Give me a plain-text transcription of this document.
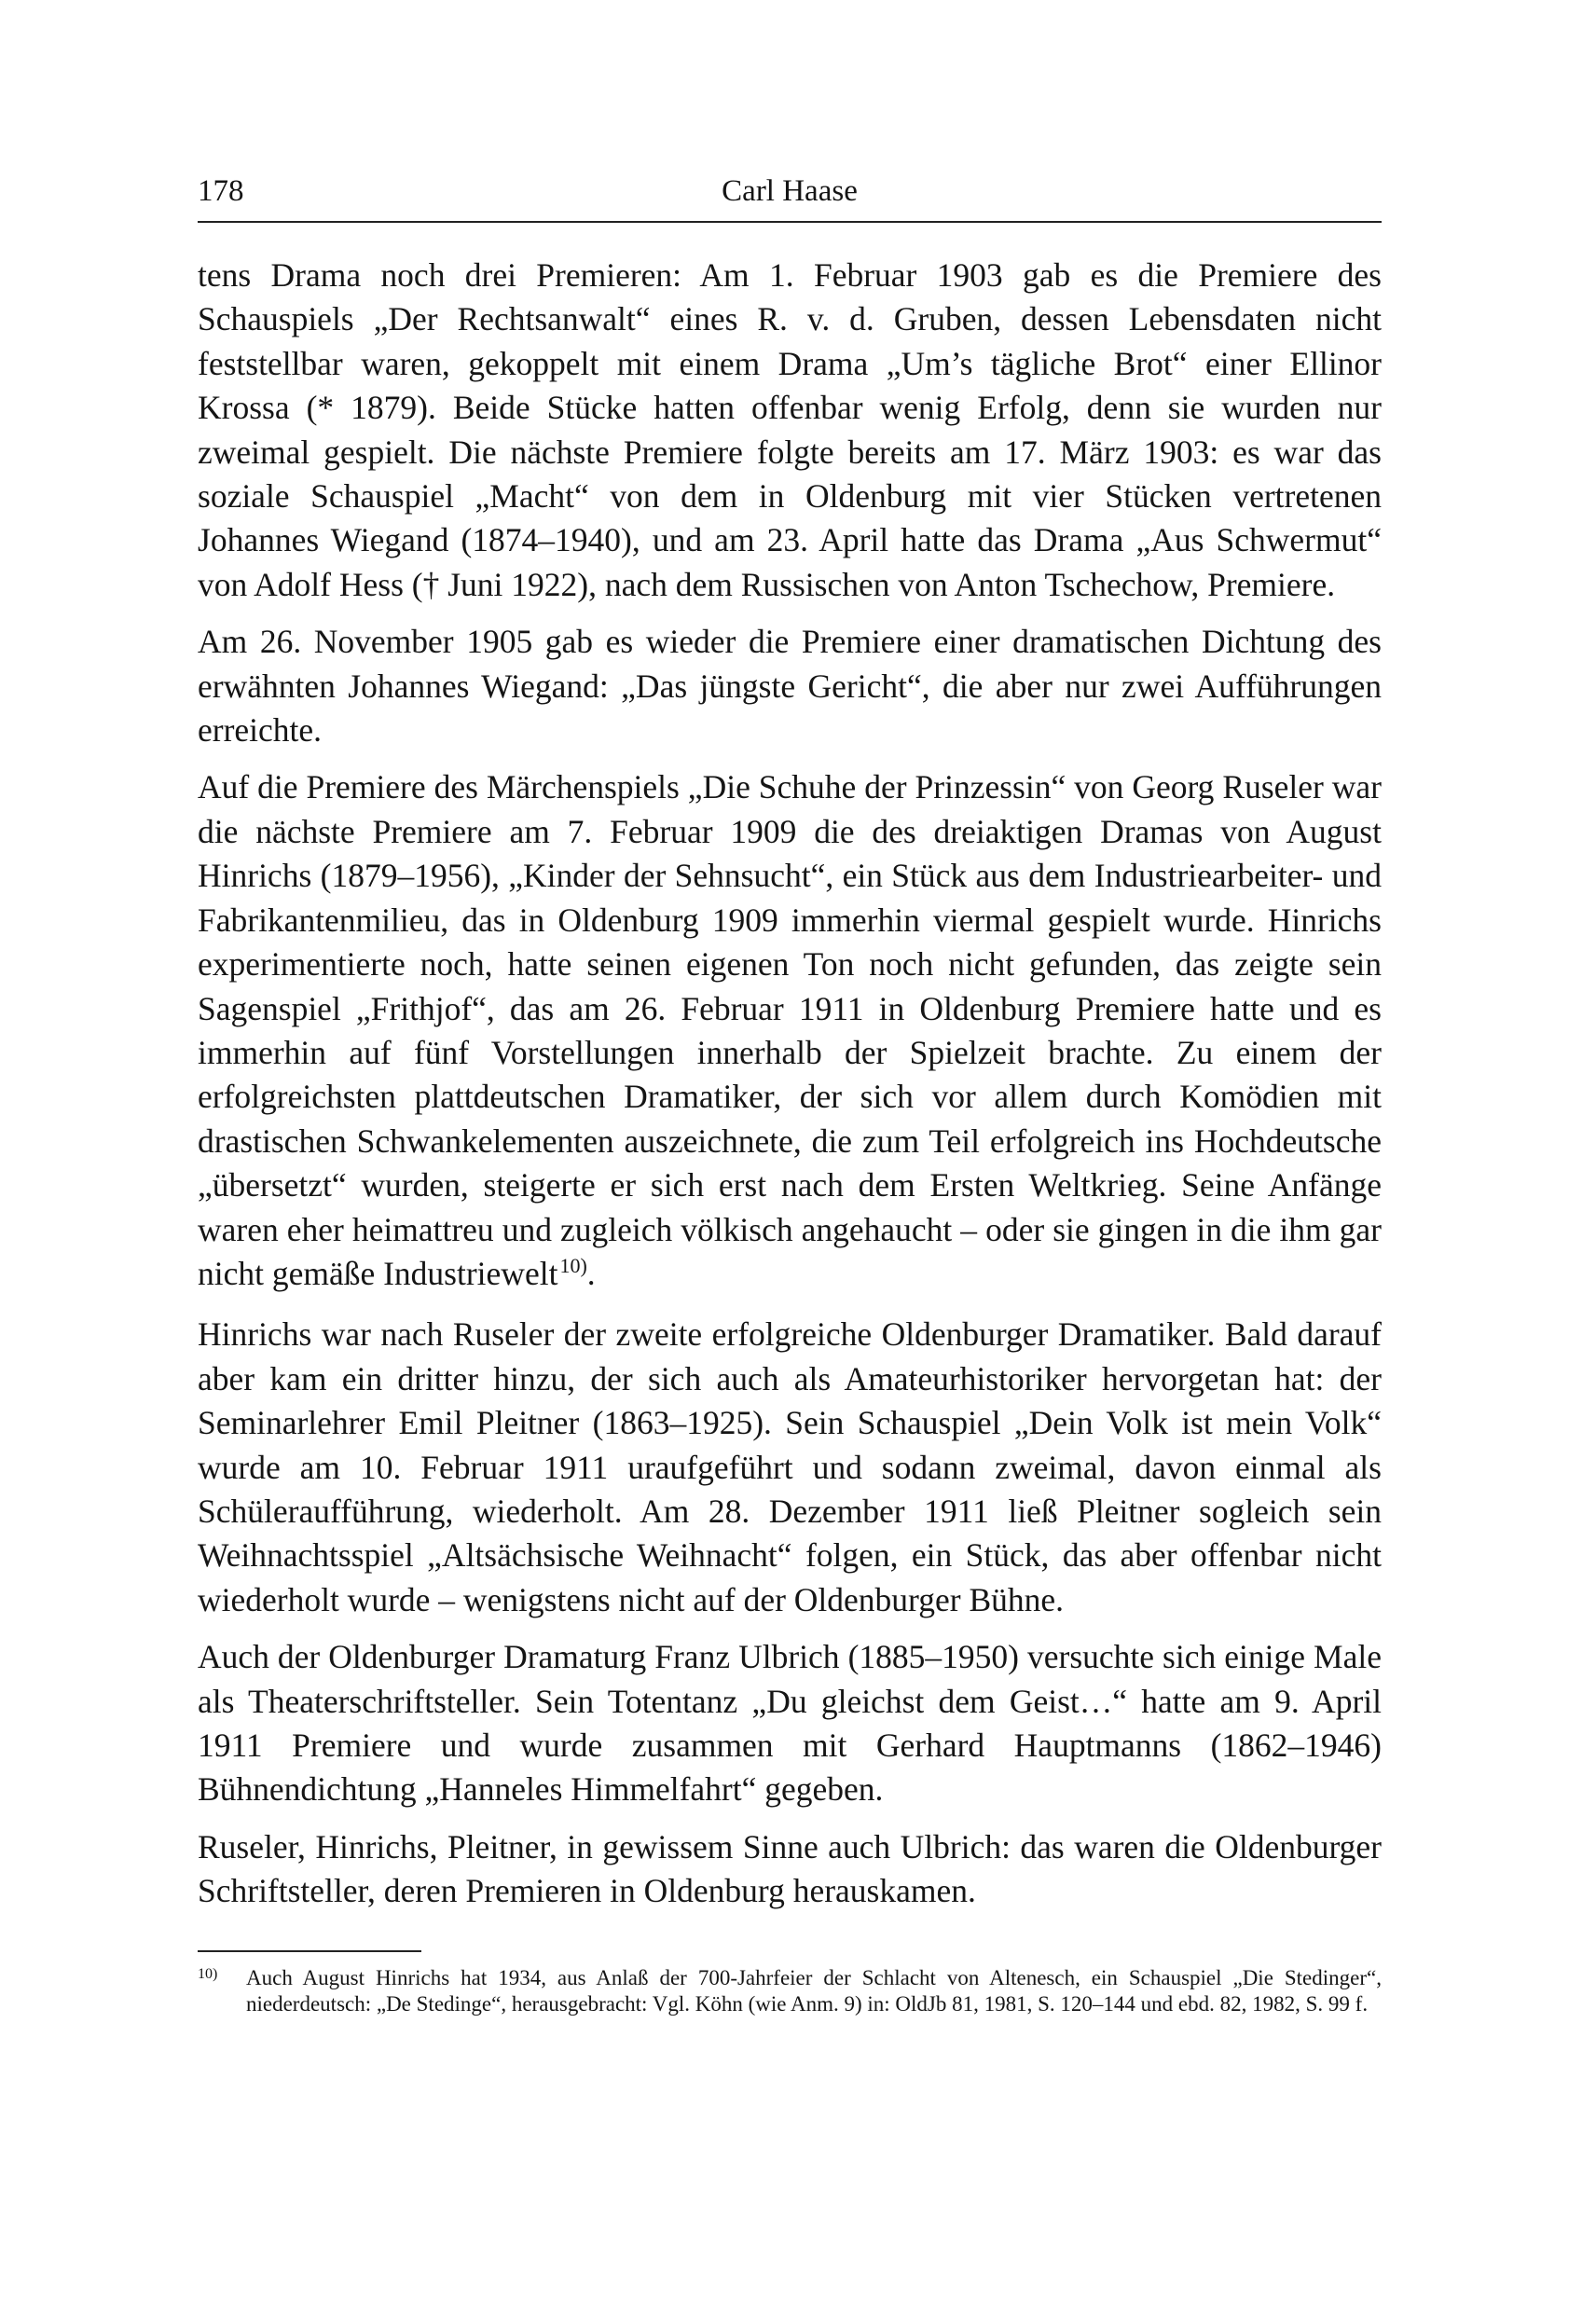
178	Carl Haase

tens Drama noch drei Premieren: Am 1. Februar 1903 gab es die Premiere des Schauspiels „Der Rechtsanwalt“ eines R. v. d. Gruben, dessen Lebensdaten nicht feststellbar waren, gekoppelt mit einem Drama „Um’s tägliche Brot“ einer Ellinor Krossa (* 1879). Beide Stücke hatten offenbar wenig Erfolg, denn sie wurden nur zweimal gespielt. Die nächste Premiere folgte bereits am 17. März 1903: es war das soziale Schauspiel „Macht“ von dem in Oldenburg mit vier Stücken vertretenen Johannes Wiegand (1874–1940), und am 23. April hatte das Drama „Aus Schwermut“ von Adolf Hess († Juni 1922), nach dem Russischen von Anton Tschechow, Premiere.

Am 26. November 1905 gab es wieder die Premiere einer dramatischen Dichtung des erwähnten Johannes Wiegand: „Das jüngste Gericht“, die aber nur zwei Aufführungen erreichte.

Auf die Premiere des Märchenspiels „Die Schuhe der Prinzessin“ von Georg Ruseler war die nächste Premiere am 7. Februar 1909 die des dreiaktigen Dramas von August Hinrichs (1879–1956), „Kinder der Sehnsucht“, ein Stück aus dem Industriearbeiter- und Fabrikantenmilieu, das in Oldenburg 1909 immerhin viermal gespielt wurde. Hinrichs experimentierte noch, hatte seinen eigenen Ton noch nicht gefunden, das zeigte sein Sagenspiel „Frithjof“, das am 26. Februar 1911 in Oldenburg Premiere hatte und es immerhin auf fünf Vorstellungen innerhalb der Spielzeit brachte. Zu einem der erfolgreichsten plattdeutschen Dramatiker, der sich vor allem durch Komödien mit drastischen Schwankelementen auszeichnete, die zum Teil erfolgreich ins Hochdeutsche „übersetzt“ wurden, steigerte er sich erst nach dem Ersten Weltkrieg. Seine Anfänge waren eher heimattreu und zugleich völkisch angehaucht – oder sie gingen in die ihm gar nicht gemäße Industriewelt$^{10)}$.

Hinrichs war nach Ruseler der zweite erfolgreiche Oldenburger Dramatiker. Bald darauf aber kam ein dritter hinzu, der sich auch als Amateurhistoriker hervorgetan hat: der Seminarlehrer Emil Pleitner (1863–1925). Sein Schauspiel „Dein Volk ist mein Volk“ wurde am 10. Februar 1911 uraufgeführt und sodann zweimal, davon einmal als Schüleraufführung, wiederholt. Am 28. Dezember 1911 ließ Pleitner sogleich sein Weihnachtsspiel „Altsächsische Weihnacht“ folgen, ein Stück, das aber offenbar nicht wiederholt wurde – wenigstens nicht auf der Oldenburger Bühne.

Auch der Oldenburger Dramaturg Franz Ulbrich (1885–1950) versuchte sich einige Male als Theaterschriftsteller. Sein Totentanz „Du gleichst dem Geist…“ hatte am 9. April 1911 Premiere und wurde zusammen mit Gerhard Hauptmanns (1862–1946) Bühnendichtung „Hanneles Himmelfahrt“ gegeben.

Ruseler, Hinrichs, Pleitner, in gewissem Sinne auch Ulbrich: das waren die Oldenburger Schriftsteller, deren Premieren in Oldenburg herauskamen.

10) Auch August Hinrichs hat 1934, aus Anlaß der 700-Jahrfeier der Schlacht von Altenesch, ein Schauspiel „Die Stedinger“, niederdeutsch: „De Stedinge“, herausgebracht: Vgl. Köhn (wie Anm. 9) in: OldJb 81, 1981, S. 120–144 und ebd. 82, 1982, S. 99 f.
